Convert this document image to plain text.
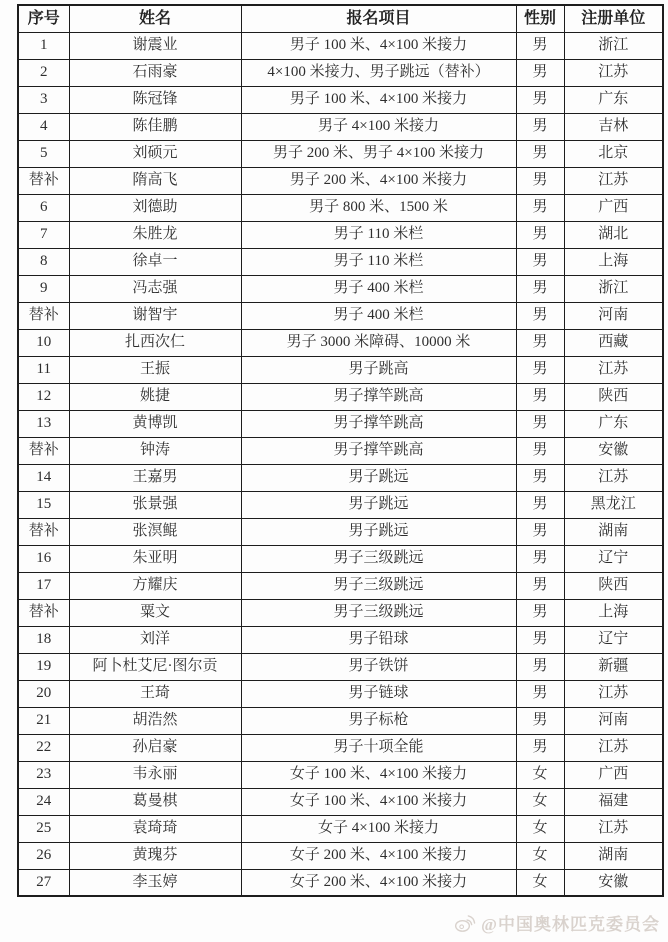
序号	姓名	报名项目	性别	注册单位
1	谢震业	男子 100 米、4×100 米接力	男	浙江
2	石雨豪	4×100 米接力、男子跳远（替补）	男	江苏
3	陈冠锋	男子 100 米、4×100 米接力	男	广东
4	陈佳鹏	男子 4×100 米接力	男	吉林
5	刘硕元	男子 200 米、男子 4×100 米接力	男	北京
替补	隋高飞	男子 200 米、4×100 米接力	男	江苏
6	刘德助	男子 800 米、1500 米	男	广西
7	朱胜龙	男子 110 米栏	男	湖北
8	徐卓一	男子 110 米栏	男	上海
9	冯志强	男子 400 米栏	男	浙江
替补	谢智宇	男子 400 米栏	男	河南
10	扎西次仁	男子 3000 米障碍、10000 米	男	西藏
11	王振	男子跳高	男	江苏
12	姚捷	男子撑竿跳高	男	陕西
13	黄博凯	男子撑竿跳高	男	广东
替补	钟涛	男子撑竿跳高	男	安徽
14	王嘉男	男子跳远	男	江苏
15	张景强	男子跳远	男	黑龙江
替补	张溟鲲	男子跳远	男	湖南
16	朱亚明	男子三级跳远	男	辽宁
17	方耀庆	男子三级跳远	男	陕西
替补	粟文	男子三级跳远	男	上海
18	刘洋	男子铅球	男	辽宁
19	阿卜杜艾尼·图尔贡	男子铁饼	男	新疆
20	王琦	男子链球	男	江苏
21	胡浩然	男子标枪	男	河南
22	孙启豪	男子十项全能	男	江苏
23	韦永丽	女子 100 米、4×100 米接力	女	广西
24	葛曼棋	女子 100 米、4×100 米接力	女	福建
25	袁琦琦	女子 4×100 米接力	女	江苏
26	黄瑰芬	女子 200 米、4×100 米接力	女	湖南
27	李玉婷	女子 200 米、4×100 米接力	女	安徽
@中国奥林匹克委员会
